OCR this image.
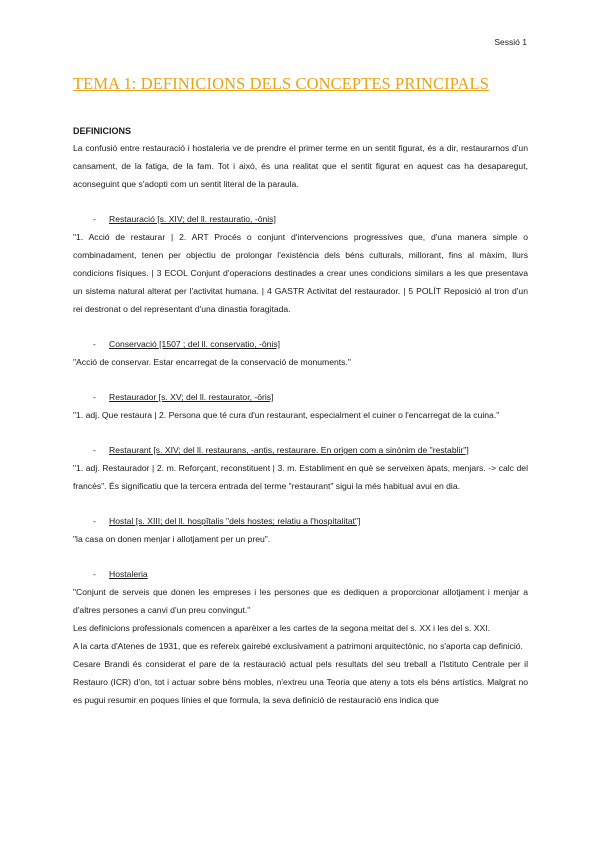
Sessió 1
TEMA 1: DEFINICIONS DELS CONCEPTES PRINCIPALS
DEFINICIONS

La confusió entre restauració i hostaleria ve de prendre el primer terme en un sentit figurat, és a dir, restaurarnos d'un cansament, de la fatiga, de la fam. Tot i això, és una realitat que el sentit figurat en aquest cas ha desaparegut, aconseguint que s'adopti com un sentit literal de la paraula.

- Restauració [s. XIV; del ll. restauratio, -ōnis]

"1. Acció de restaurar | 2. ART Procés o conjunt d'intervencions progressives que, d'una manera simple o combinadament, tenen per objectiu de prolongar l'existència dels béns culturals, millorant, fins al màxim, llurs condicions físiques. | 3 ECOL Conjunt d'operacions destinades a crear unes condicions similars a les que presentava un sistema natural alterat per l'activitat humana. | 4 GASTR Activitat del restaurador. | 5 POLÍT Reposició al tron d'un rei destronat o del representant d'una dinastia foragitada.

- Conservació [1507 ; del ll. conservatio, -ōnis]

"Acció de conservar. Estar encarregat de la conservació de monuments."

- Restaurador [s. XV; del ll. restaurator, -ōris]

"1. adj. Que restaura | 2. Persona que té cura d'un restaurant, especialment el cuiner o l'encarregat de la cuina."

- Restaurant [s. XIV; del ll. restaurans, -antis, restaurare. En origen com a sinònim de "restablir"]

"1. adj. Restaurador | 2. m. Reforçant, reconstituent | 3. m. Establiment en què se serveixen àpats, menjars. -> calc del francès". És significatiu que la tercera entrada del terme "restaurant" sigui la més habitual avui en dia.

- Hostal [s. XIII; del ll. hospĭtalis "dels hostes; relatiu a l'hospitalitat"]

"la casa on donen menjar i allotjament per un preu".

- Hostaleria

"Conjunt de serveis que donen les empreses i les persones que es dediquen a proporcionar allotjament i menjar a d'altres persones a canvi d'un preu convingut."

Les definicions professionals comencen a aparèixer a les cartes de la segona meitat del s. XX i les del s. XXI.

A la carta d'Atenes de 1931, que es refereix gairebé exclusivament a patrimoni arquitectònic, no s'aporta cap definició.

Cesare Brandi és considerat el pare de la restauració actual pels resultats del seu treball a l'Istituto Centrale per il Restauro (ICR) d'on, tot i actuar sobre béns mobles, n'extreu una Teoria que ateny a tots els béns artístics. Malgrat no es pugui resumir en poques línies el que formula, la seva definició de restauració ens indica que
